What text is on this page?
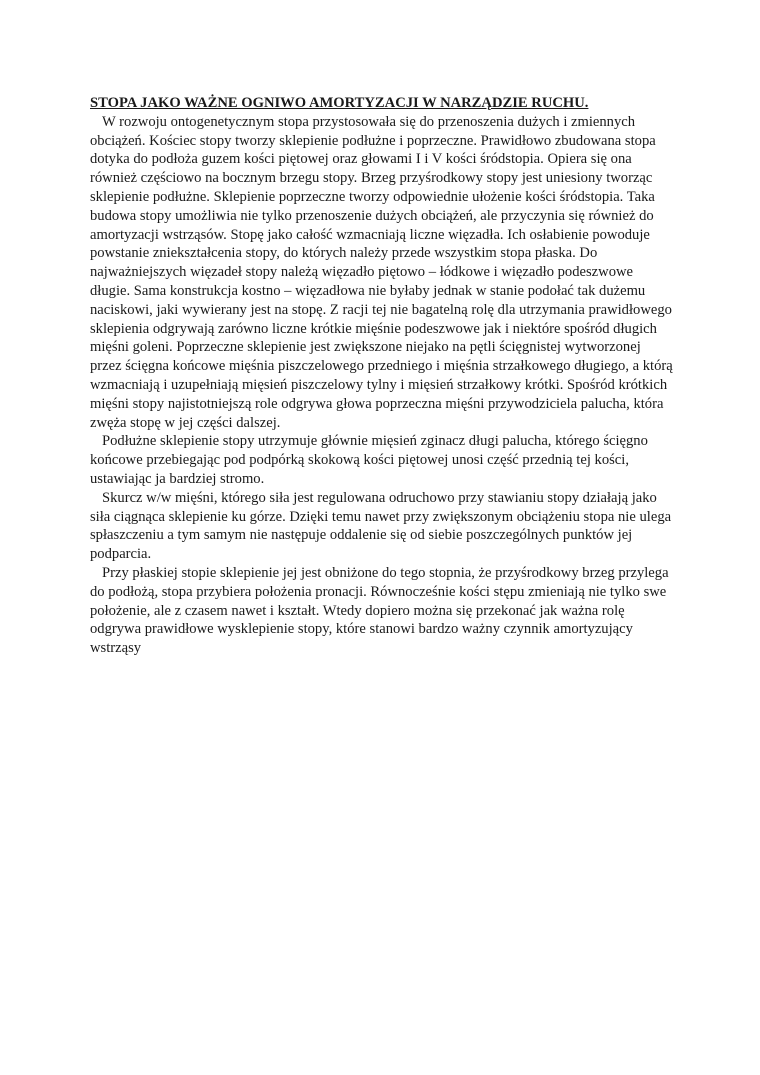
STOPA JAKO WAŻNE OGNIWO AMORTYZACJI W NARZĄDZIE RUCHU.

W rozwoju ontogenetycznym stopa przystosowała się do przenoszenia dużych i zmiennych obciążeń. Kościec stopy tworzy sklepienie podłużne i poprzeczne. Prawidłowo zbudowana stopa dotyka do podłoża guzem kości piętowej oraz głowami I i V kości śródstopia. Opiera się ona również częściowo na bocznym brzegu stopy. Brzeg przyśrodkowy stopy jest uniesiony tworząc sklepienie podłużne. Sklepienie poprzeczne tworzy odpowiednie ułożenie kości śródstopia. Taka budowa stopy umożliwia nie tylko przenoszenie dużych obciążeń, ale przyczynia się również do amortyzacji wstrząsów. Stopę jako całość wzmacniają liczne więzadła. Ich osłabienie powoduje powstanie zniekształcenia stopy, do których należy przede wszystkim stopa płaska. Do najważniejszych więzadeł stopy należą więzadło piętowo – łódkowe i więzadło podeszwowe długie. Sama konstrukcja kostno – więzadłowa nie byłaby jednak w stanie podołać tak dużemu naciskowi, jaki wywierany jest na stopę. Z racji tej nie bagatelną rolę dla utrzymania prawidłowego sklepienia odgrywają zarówno liczne krótkie mięśnie podeszwowe jak i niektóre spośród długich mięśni goleni. Poprzeczne sklepienie jest zwiększone niejako na pętli ścięgnistej wytworzonej przez ścięgna końcowe mięśnia piszczelowego przedniego i mięśnia strzałkowego długiego, a którą wzmacniają i uzupełniają mięsień piszczelowy tylny i mięsień strzałkowy krótki. Spośród krótkich mięśni stopy najistotniejszą role odgrywa głowa poprzeczna mięśni przywodziciela palucha, która zwęża stopę w jej części dalszej.

Podłużne sklepienie stopy utrzymuje głównie mięsień zginacz długi palucha, którego ścięgno końcowe przebiegając pod podpórką skokową kości piętowej unosi część przednią tej kości, ustawiając ja bardziej stromo.

Skurcz w/w mięśni, którego siła jest regulowana odruchowo przy stawianiu stopy działają jako siła ciągnąca sklepienie ku górze. Dzięki temu nawet przy zwiększonym obciążeniu stopa nie ulega spłaszczeniu a tym samym nie następuje oddalenie się od siebie poszczególnych punktów jej podparcia.

Przy płaskiej stopie sklepienie jej jest obniżone do tego stopnia, że przyśrodkowy brzeg przylega do podłożą, stopa przybiera położenia pronacji. Równocześnie kości stępu zmieniają nie tylko swe położenie, ale z czasem nawet i kształt. Wtedy dopiero można się przekonać jak ważna rolę odgrywa prawidłowe wysklepienie stopy, które stanowi bardzo ważny czynnik amortyzujący wstrząsy
